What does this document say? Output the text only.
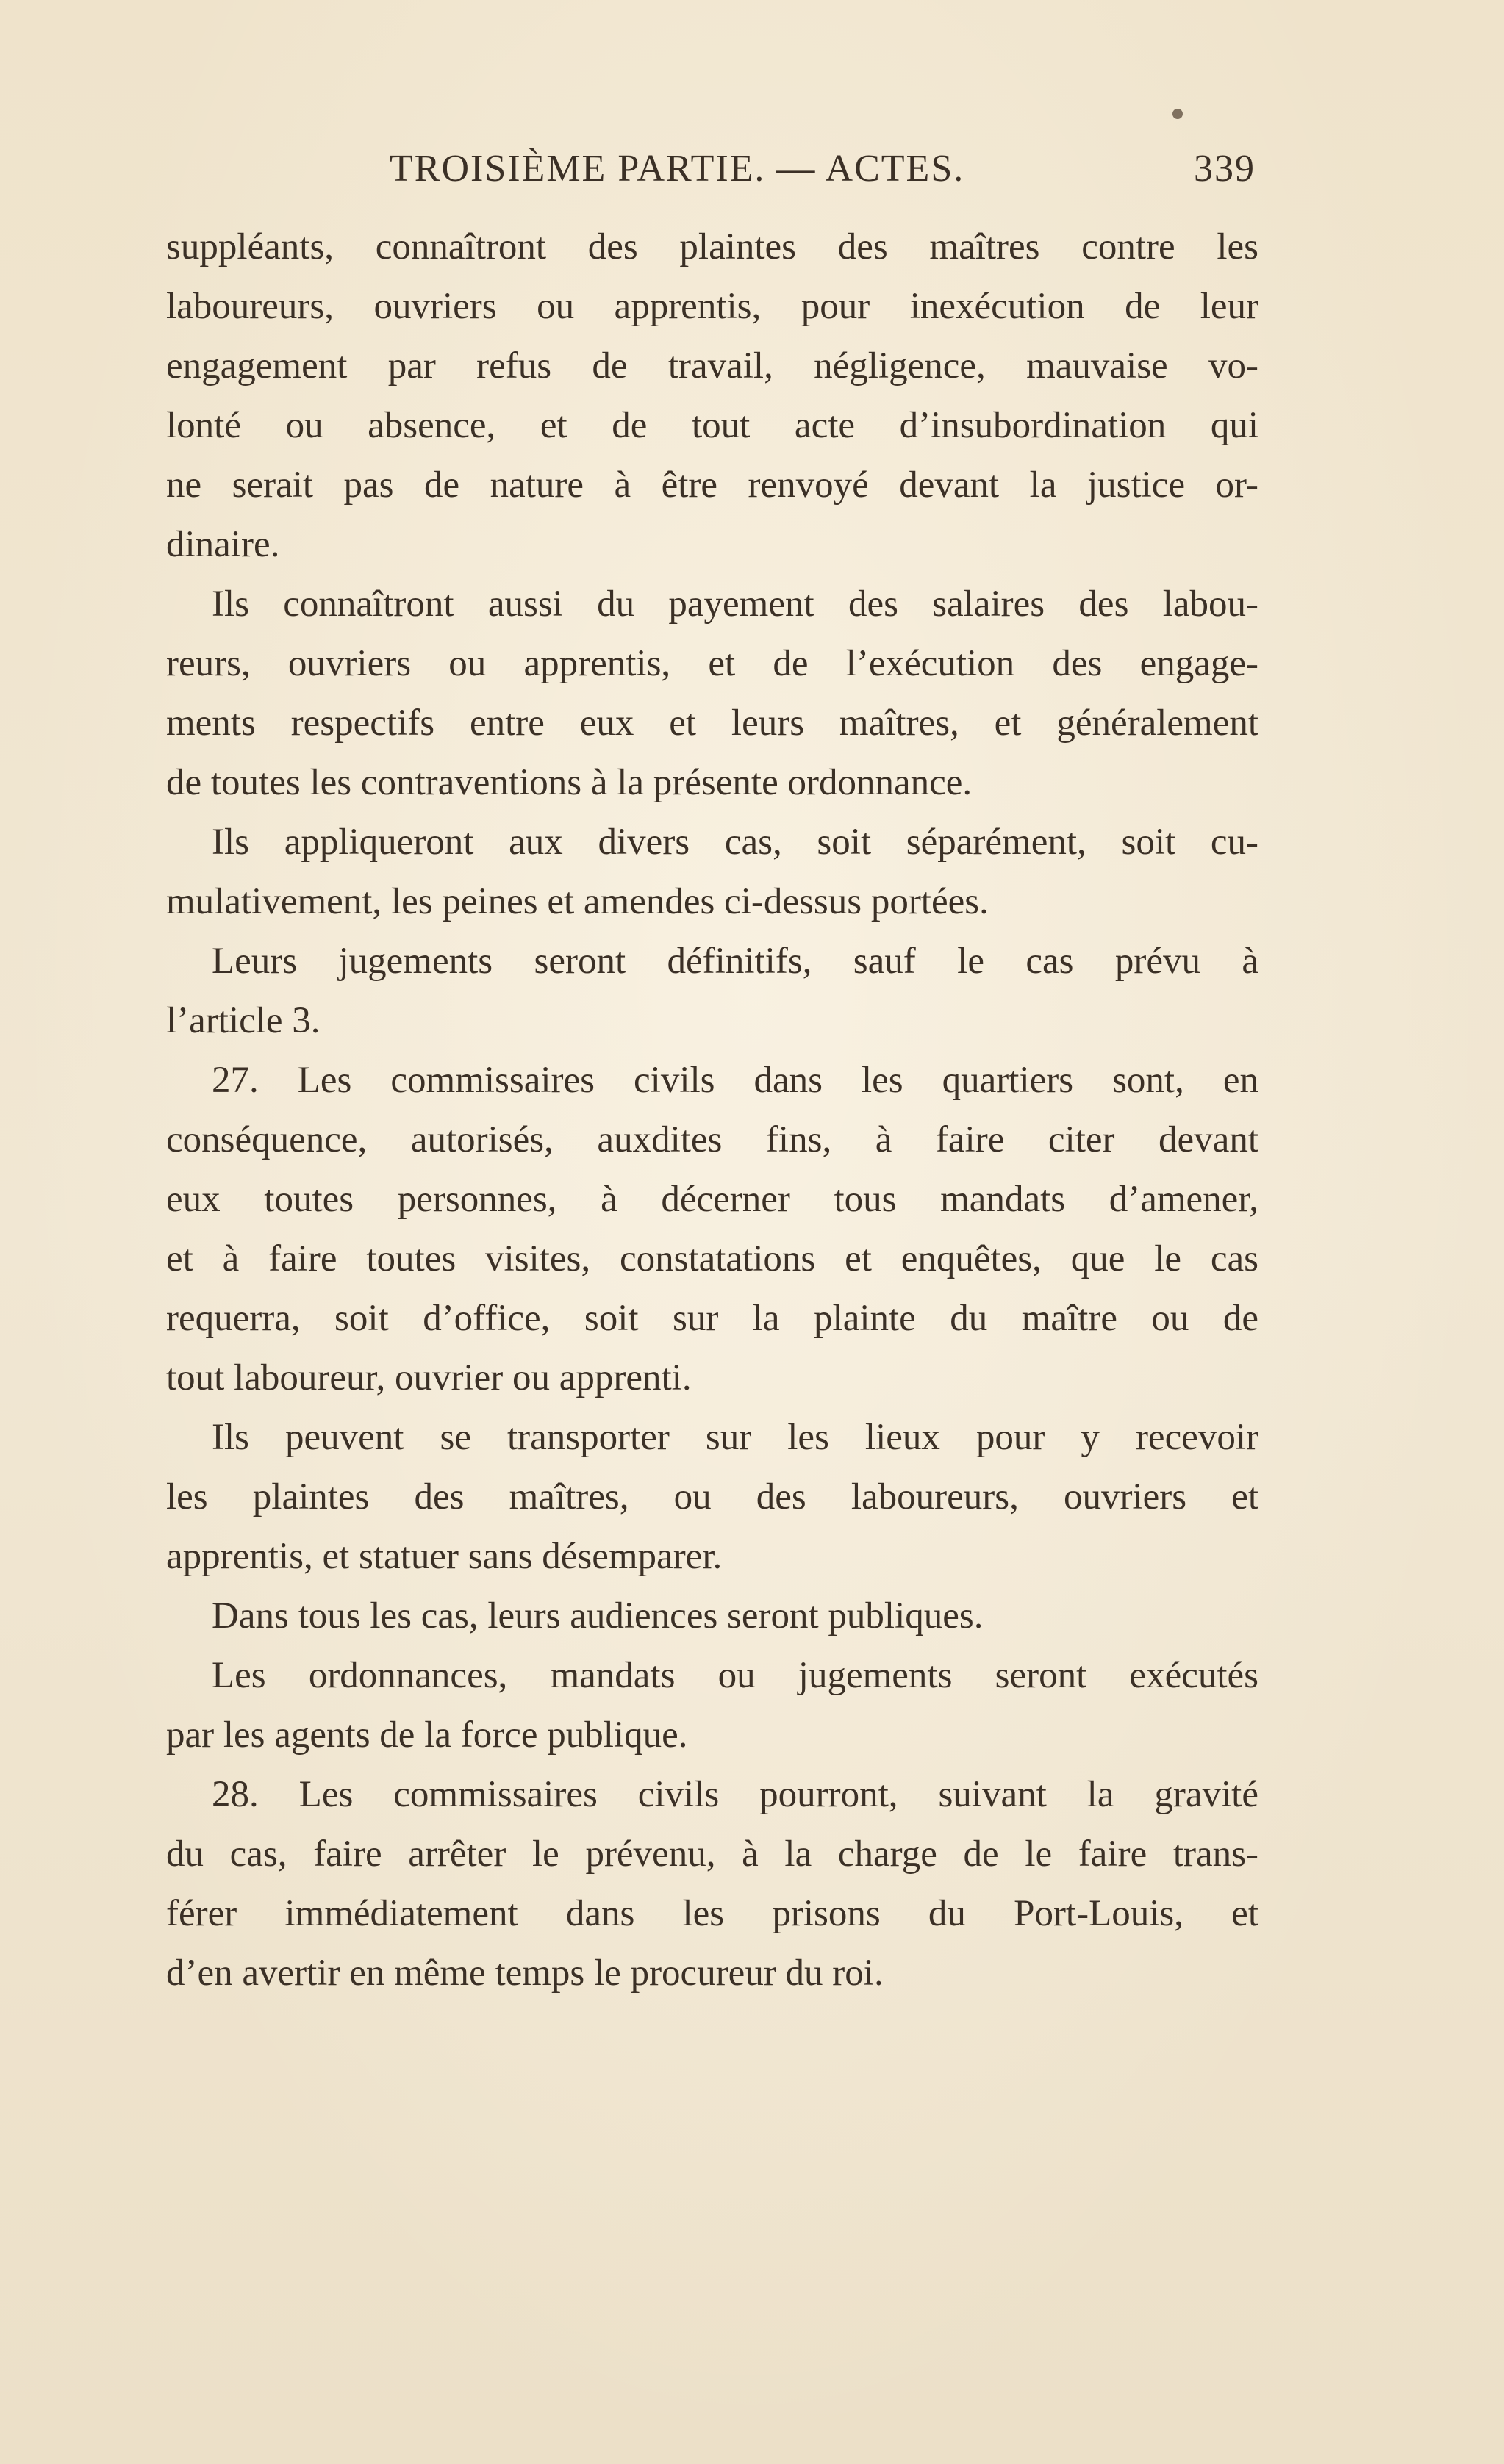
TROISIÈME PARTIE. — ACTES.	339
suppléants, connaîtront des plaintes des maîtres contre les
laboureurs, ouvriers ou apprentis, pour inexécution de leur
engagement par refus de travail, négligence, mauvaise vo-
lonté ou absence, et de tout acte d’insubordination qui
ne serait pas de nature à être renvoyé devant la justice or-
dinaire.
Ils connaîtront aussi du payement des salaires des labou-
reurs, ouvriers ou apprentis, et de l’exécution des engage-
ments respectifs entre eux et leurs maîtres, et généralement
de toutes les contraventions à la présente ordonnance.
Ils appliqueront aux divers cas, soit séparément, soit cu-
mulativement, les peines et amendes ci-dessus portées.
Leurs jugements seront définitifs, sauf le cas prévu à
l’article 3.
27. Les commissaires civils dans les quartiers sont, en
conséquence, autorisés, auxdites fins, à faire citer devant
eux toutes personnes, à décerner tous mandats d’amener,
et à faire toutes visites, constatations et enquêtes, que le cas
requerra, soit d’office, soit sur la plainte du maître ou de
tout laboureur, ouvrier ou apprenti.
Ils peuvent se transporter sur les lieux pour y recevoir
les plaintes des maîtres, ou des laboureurs, ouvriers et
apprentis, et statuer sans désemparer.
Dans tous les cas, leurs audiences seront publiques.
Les ordonnances, mandats ou jugements seront exécutés
par les agents de la force publique.
28. Les commissaires civils pourront, suivant la gravité
du cas, faire arrêter le prévenu, à la charge de le faire trans-
férer immédiatement dans les prisons du Port-Louis, et
d’en avertir en même temps le procureur du roi.
